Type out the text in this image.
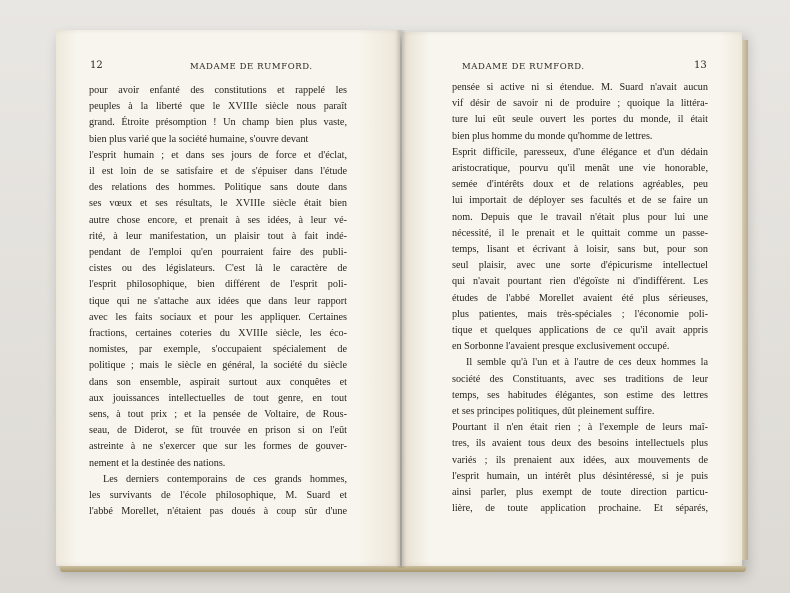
12	MADAME DE RUMFORD.	MADAME DE RUMFORD.	13
pour avoir enfanté des constitutions et rappelé les
peuples à la liberté que le XVIIIe siècle nous paraît
grand. Étroite présomption ! Un champ bien plus vaste,
bien plus varié que la société humaine, s'ouvre devant
l'esprit humain ; et dans ses jours de force et d'éclat,
il est loin de se satisfaire et de s'épuiser dans l'étude
des relations des hommes. Politique sans doute dans
ses vœux et ses résultats, le XVIIIe siècle était bien
autre chose encore, et prenait à ses idées, à leur vé-
rité, à leur manifestation, un plaisir tout à fait indé-
pendant de l'emploi qu'en pourraient faire des publi-
cistes ou des législateurs. C'est là le caractère de
l'esprit philosophique, bien différent de l'esprit poli-
tique qui ne s'attache aux idées que dans leur rapport
avec les faits sociaux et pour les appliquer. Certaines
fractions, certaines coteries du XVIIIe siècle, les éco-
nomistes, par exemple, s'occupaient spécialement de
politique ; mais le siècle en général, la société du siècle
dans son ensemble, aspirait surtout aux conquêtes et
aux jouissances intellectuelles de tout genre, en tout
sens, à tout prix ; et la pensée de Voltaire, de Rous-
seau, de Diderot, se fût trouvée en prison si on l'eût
astreinte à ne s'exercer que sur les formes de gouver-
nement et la destinée des nations.
Les derniers contemporains de ces grands hommes,
les survivants de l'école philosophique, M. Suard et
l'abbé Morellet, n'étaient pas doués à coup sûr d'une
pensée si active ni si étendue. M. Suard n'avait aucun
vif désir de savoir ni de produire ; quoique la littéra-
ture lui eût seule ouvert les portes du monde, il était
bien plus homme du monde qu'homme de lettres.
Esprit difficile, paresseux, d'une élégance et d'un dédain
aristocratique, pourvu qu'il menât une vie honorable,
semée d'intérêts doux et de relations agréables, peu
lui importait de déployer ses facultés et de se faire un
nom. Depuis que le travail n'était plus pour lui une
nécessité, il le prenait et le quittait comme un passe-
temps, lisant et écrivant à loisir, sans but, pour son
seul plaisir, avec une sorte d'épicurisme intellectuel
qui n'avait pourtant rien d'égoïste ni d'indifférent. Les
études de l'abbé Morellet avaient été plus sérieuses,
plus patientes, mais très-spéciales ; l'économie poli-
tique et quelques applications de ce qu'il avait appris
en Sorbonne l'avaient presque exclusivement occupé.
Il semble qu'à l'un et à l'autre de ces deux hommes la
société des Constituants, avec ses traditions de leur
temps, ses habitudes élégantes, son estime des lettres
et ses principes politiques, dût pleinement suffire.
Pourtant il n'en était rien ; à l'exemple de leurs maî-
tres, ils avaient tous deux des besoins intellectuels plus
variés ; ils prenaient aux idées, aux mouvements de
l'esprit humain, un intérêt plus désintéressé, si je puis
ainsi parler, plus exempt de toute direction particu-
lière, de toute application prochaine. Et séparés,
